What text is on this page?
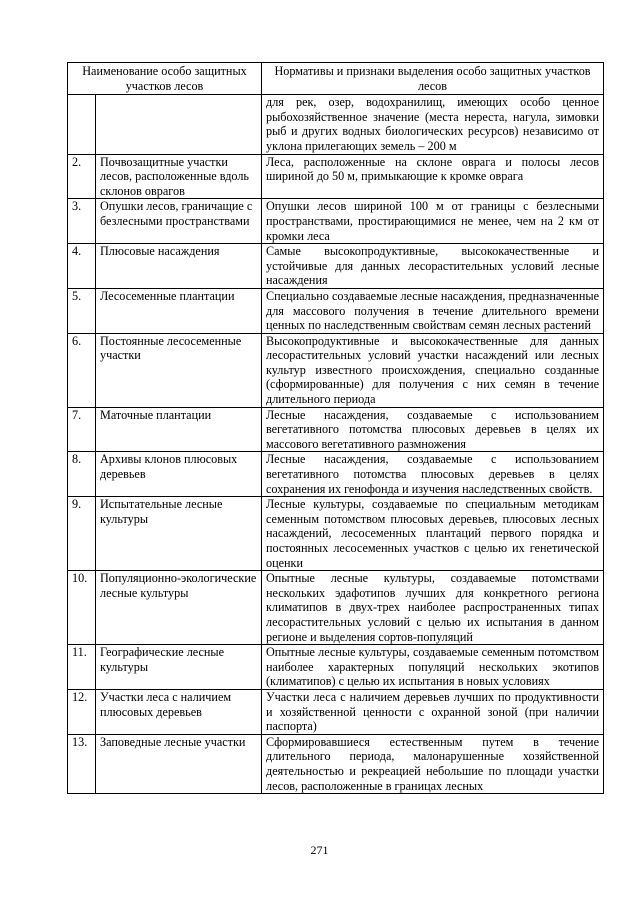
Наименование особо защитных участков лесов		Нормативы и признаки выделения особо защитных участков лесов
		для рек, озер, водохранилищ, имеющих особо ценное рыбохозяйственное значение (места нереста, нагула, зимовки рыб и других водных биологических ресурсов) независимо от уклона прилегающих земель – 200 м
2.	Почвозащитные участки лесов, расположенные вдоль склонов оврагов	Леса, расположенные на склоне оврага и полосы лесов шириной до 50 м, примыкающие к кромке оврага
3.	Опушки лесов, граничащие с безлесными пространствами	Опушки лесов шириной 100 м от границы с безлесными пространствами, простирающимися не менее, чем на 2 км от кромки леса
4.	Плюсовые насаждения	Самые высокопродуктивные, высококачественные и устойчивые для данных лесорастительных условий лесные насаждения
5.	Лесосеменные плантации	Специально создаваемые лесные насаждения, предназначенные для массового получения в течение длительного времени ценных по наследственным свойствам семян лесных растений
6.	Постоянные лесосеменные участки	Высокопродуктивные и высококачественные для данных лесорастительных условий участки насаждений или лесных культур известного происхождения, специально созданные (сформированные) для получения с них семян в течение длительного периода
7.	Маточные плантации	Лесные насаждения, создаваемые с использованием вегетативного потомства плюсовых деревьев в целях их массового вегетативного размножения
8.	Архивы клонов плюсовых деревьев	Лесные насаждения, создаваемые с использованием вегетативного потомства плюсовых деревьев в целях сохранения их генофонда и изучения наследственных свойств.
9.	Испытательные лесные культуры	Лесные культуры, создаваемые по специальным методикам семенным потомством плюсовых деревьев, плюсовых лесных насаждений, лесосеменных плантаций первого порядка и постоянных лесосеменных участков с целью их генетической оценки
10.	Популяционно-экологические лесные культуры	Опытные лесные культуры, создаваемые потомствами нескольких эдафотипов лучших для конкретного региона климатипов в двух-трех наиболее распространенных типах лесорастительных условий с целью их испытания в данном регионе и выделения сортов-популяций
11.	Географические лесные культуры	Опытные лесные культуры, создаваемые семенным потомством наиболее характерных популяций нескольких экотипов (климатипов) с целью их испытания в новых условиях
12.	Участки леса с наличием плюсовых деревьев	Участки леса с наличием деревьев лучших по продуктивности и хозяйственной ценности с охранной зоной (при наличии паспорта)
13.	Заповедные лесные участки	Сформировавшиеся естественным путем в течение длительного периода, малонарушенные хозяйственной деятельностью и рекреацией небольшие по площади участки лесов, расположенные в границах лесных
271
